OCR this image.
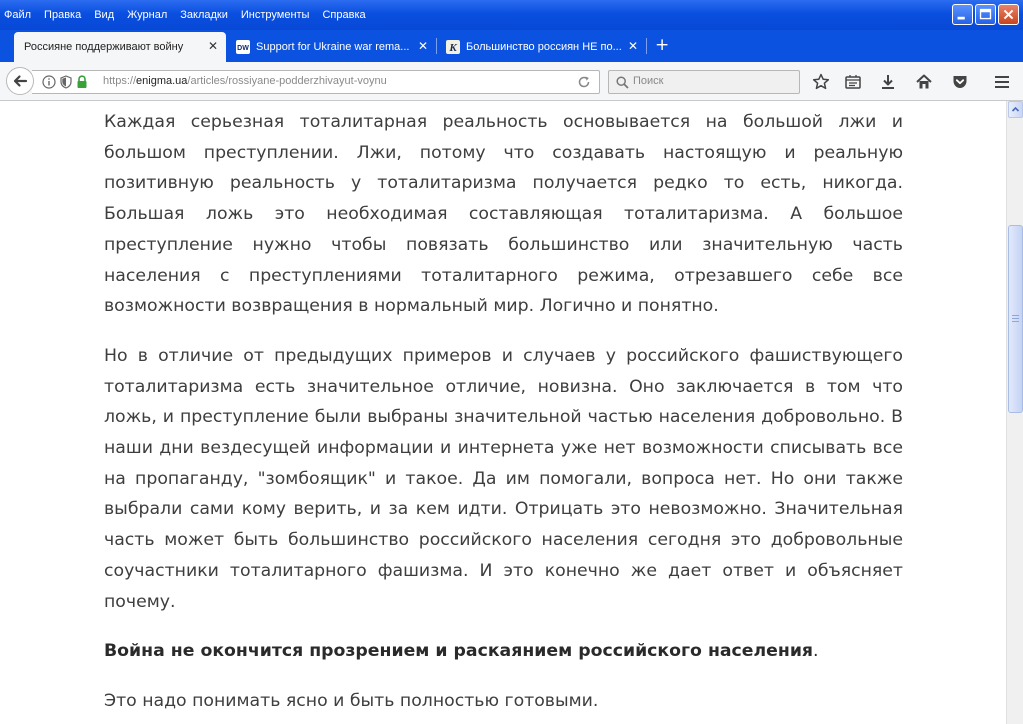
Файл Правка Вид Журнал Закладки Инструменты Справка
Россияне поддерживают войну ✕	DW Support for Ukraine war rema... ✕ K Большинство россиян НЕ по... ✕ +
https://enigma.ua/articles/rossiyane-podderzhivayut-voynu	Поиск

Каждая серьезная тоталитарная реальность основывается на большой лжи и большом преступлении. Лжи, потому что создавать настоящую и реальную позитивную реальность у тоталитаризма получается редко то есть, никогда. Большая ложь это необходимая составляющая тоталитаризма. А большое преступление нужно чтобы повязать большинство или значительную часть населения с преступлениями тоталитарного режима, отрезавшего себе все возможности возвращения в нормальный мир. Логично и понятно.

Но в отличие от предыдущих примеров и случаев у российского фашиствующего тоталитаризма есть значительное отличие, новизна. Оно заключается в том что ложь, и преступление были выбраны значительной частью населения добровольно. В наши дни вездесущей информации и интернета уже нет возможности списывать все на пропаганду, "зомбоящик" и такое. Да им помогали, вопроса нет. Но они также выбрали сами кому верить, и за кем идти. Отрицать это невозможно. Значительная часть может быть большинство российского населения сегодня это добровольные соучастники тоталитарного фашизма. И это конечно же дает ответ и объясняет почему.

Война не окончится прозрением и раскаянием российского населения.

Это надо понимать ясно и быть полностью готовыми.
